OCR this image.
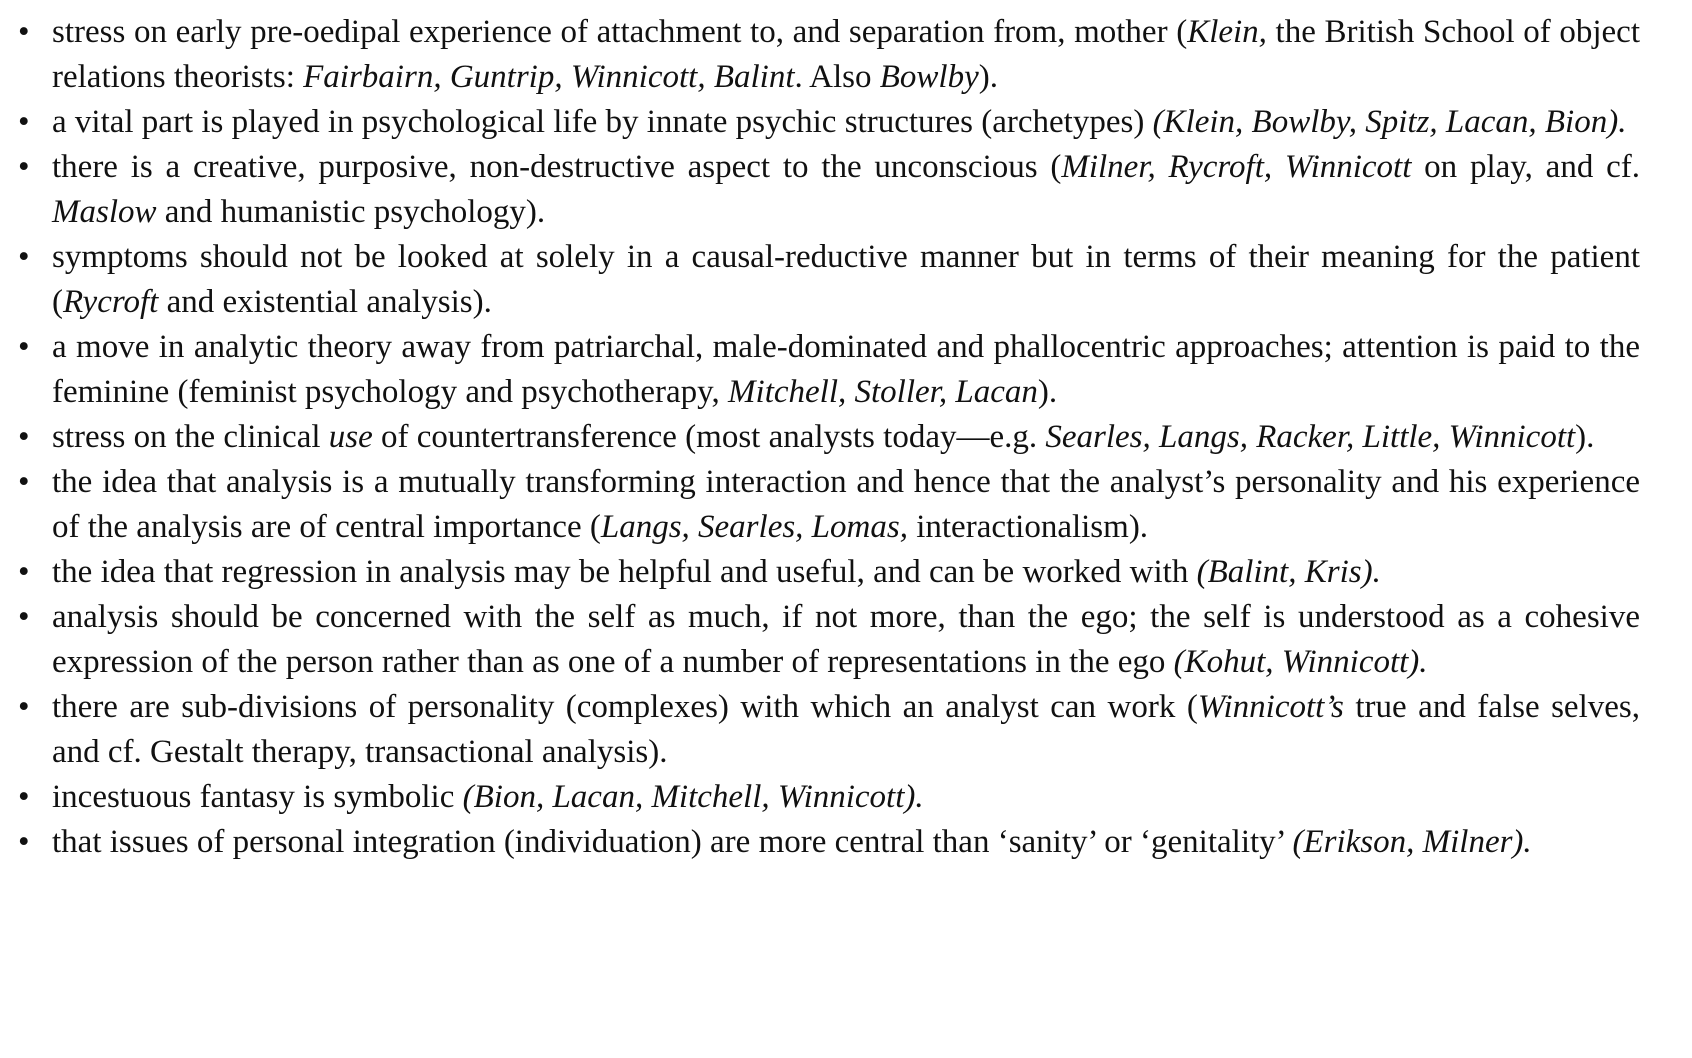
• stress on early pre-oedipal experience of attachment to, and separation from, mother (Klein, the British School of object relations theorists: Fairbairn, Guntrip, Winnicott, Balint. Also Bowlby).
• a vital part is played in psychological life by innate psychic structures (archetypes) (Klein, Bowlby, Spitz, Lacan, Bion).
• there is a creative, purposive, non-destructive aspect to the unconscious (Milner, Rycroft, Winnicott on play, and cf. Maslow and humanistic psychology).
• symptoms should not be looked at solely in a causal-reductive manner but in terms of their meaning for the patient (Rycroft and existential analysis).
• a move in analytic theory away from patriarchal, male-dominated and phallocentric approaches; attention is paid to the feminine (feminist psychology and psychotherapy, Mitchell, Stoller, Lacan).
• stress on the clinical use of countertransference (most analysts today—e.g. Searles, Langs, Racker, Little, Winnicott).
• the idea that analysis is a mutually transforming interaction and hence that the analyst’s personality and his experience of the analysis are of central importance (Langs, Searles, Lomas, interactionalism).
• the idea that regression in analysis may be helpful and useful, and can be worked with (Balint, Kris).
• analysis should be concerned with the self as much, if not more, than the ego; the self is understood as a cohesive expression of the person rather than as one of a number of representations in the ego (Kohut, Winnicott).
• there are sub-divisions of personality (complexes) with which an analyst can work (Winnicott’s true and false selves, and cf. Gestalt therapy, transactional analysis).
• incestuous fantasy is symbolic (Bion, Lacan, Mitchell, Winnicott).
• that issues of personal integration (individuation) are more central than ‘sanity’ or ‘genitality’ (Erikson, Milner).
